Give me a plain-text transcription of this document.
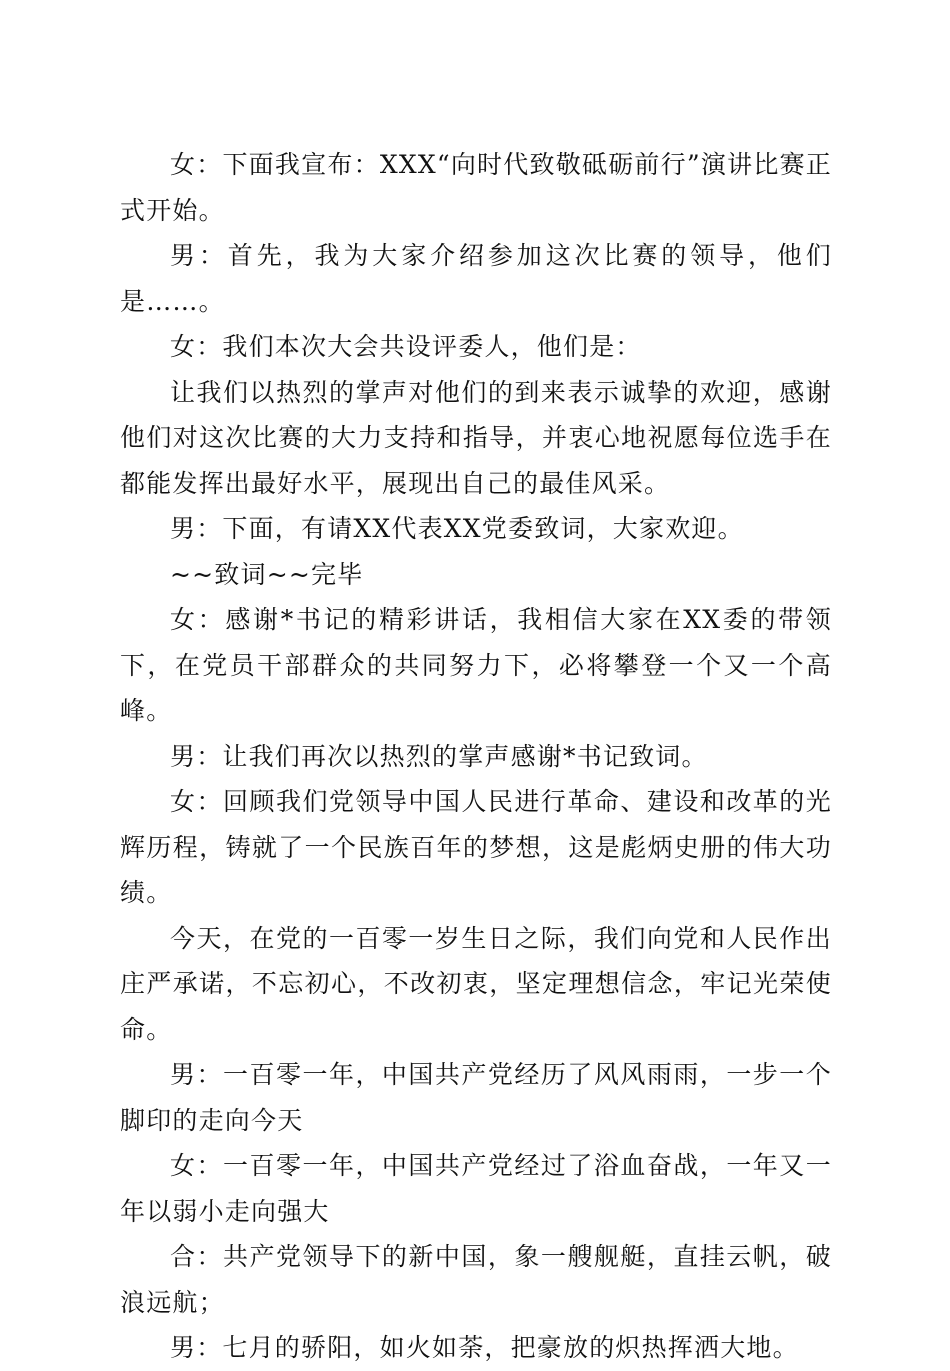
女：下面我宣布：XXX“向时代致敬砥砺前行”演讲比赛正式开始。

男：首先，我为大家介绍参加这次比赛的领导，他们是……。

女：我们本次大会共设评委人，他们是：

让我们以热烈的掌声对他们的到来表示诚挚的欢迎，感谢他们对这次比赛的大力支持和指导，并衷心地祝愿每位选手在都能发挥出最好水平，展现出自己的最佳风采。

男：下面，有请XX代表XX党委致词，大家欢迎。

~~致词~~完毕

女：感谢*书记的精彩讲话，我相信大家在XX委的带领下，在党员干部群众的共同努力下，必将攀登一个又一个高峰。

男：让我们再次以热烈的掌声感谢*书记致词。

女：回顾我们党领导中国人民进行革命、建设和改革的光辉历程，铸就了一个民族百年的梦想，这是彪炳史册的伟大功绩。

今天，在党的一百零一岁生日之际，我们向党和人民作出庄严承诺，不忘初心，不改初衷，坚定理想信念，牢记光荣使命。

男：一百零一年，中国共产党经历了风风雨雨，一步一个脚印的走向今天

女：一百零一年，中国共产党经过了浴血奋战，一年又一年以弱小走向强大

合：共产党领导下的新中国，象一艘舰艇，直挂云帆，破浪远航；

男：七月的骄阳，如火如荼，把豪放的炽热挥洒大地。
